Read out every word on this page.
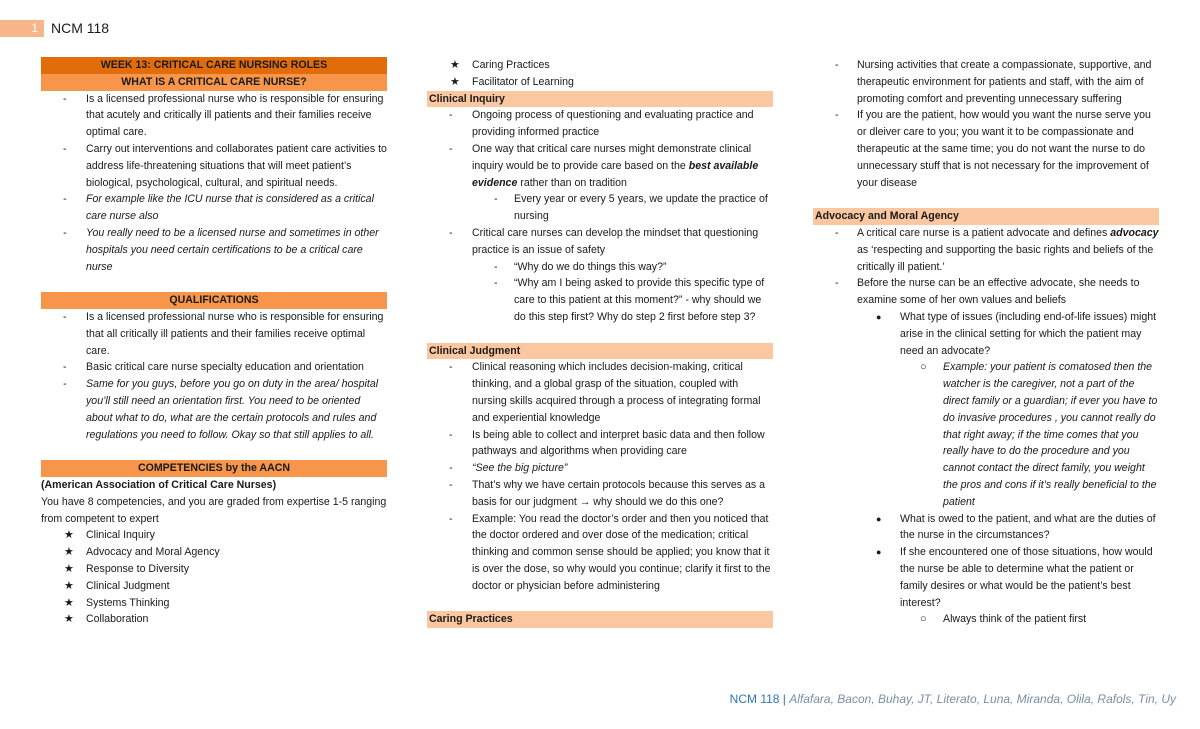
1 NCM 118
WEEK 13: CRITICAL CARE NURSING ROLES
WHAT IS A CRITICAL CARE NURSE?
- Is a licensed professional nurse who is responsible for ensuring that acutely and critically ill patients and their families receive optimal care.
- Carry out interventions and collaborates patient care activities to address life-threatening situations that will meet patient’s biological, psychological, cultural, and spiritual needs.
- For example like the ICU nurse that is considered as a critical care nurse also
- You really need to be a licensed nurse and sometimes in other hospitals you need certain certifications to be a critical care nurse
QUALIFICATIONS
- Is a licensed professional nurse who is responsible for ensuring that all critically ill patients and their families receive optimal care.
- Basic critical care nurse specialty education and orientation
- Same for you guys, before you go on duty in the area/ hospital you’ll still need an orientation first. You need to be oriented about what to do, what are the certain protocols and rules and regulations you need to follow. Okay so that still applies to all.
COMPETENCIES by the AACN
(American Association of Critical Care Nurses)
You have 8 competencies, and you are graded from expertise 1-5 ranging from competent to expert
★ Clinical Inquiry
★ Advocacy and Moral Agency
★ Response to Diversity
★ Clinical Judgment
★ Systems Thinking
★ Collaboration
★ Caring Practices
★ Facilitator of Learning
Clinical Inquiry
- Ongoing process of questioning and evaluating practice and providing informed practice
- One way that critical care nurses might demonstrate clinical inquiry would be to provide care based on the best available evidence rather than on tradition
- Every year or every 5 years, we update the practice of nursing
- Critical care nurses can develop the mindset that questioning practice is an issue of safety
- “Why do we do things this way?”
- “Why am I being asked to provide this specific type of care to this patient at this moment?” - why should we do this step first? Why do step 2 first before step 3?
Clinical Judgment
- Clinical reasoning which includes decision-making, critical thinking, and a global grasp of the situation, coupled with nursing skills acquired through a process of integrating formal and experiential knowledge
- Is being able to collect and interpret basic data and then follow pathways and algorithms when providing care
- “See the big picture”
- That’s why we have certain protocols because this serves as a basis for our judgment → why should we do this one?
- Example: You read the doctor’s order and then you noticed that the doctor ordered and over dose of the medication; critical thinking and common sense should be applied; you know that it is over the dose, so why would you continue; clarify it first to the doctor or physician before administering
Caring Practices
- Nursing activities that create a compassionate, supportive, and therapeutic environment for patients and staff, with the aim of promoting comfort and preventing unnecessary suffering
- If you are the patient, how would you want the nurse serve you or dleiver care to you; you want it to be compassionate and therapeutic at the same time; you do not want the nurse to do unnecessary stuff that is not necessary for the improvement of your disease
Advocacy and Moral Agency
- A critical care nurse is a patient advocate and defines advocacy as ‘respecting and supporting the basic rights and beliefs of the critically ill patient.’
- Before the nurse can be an effective advocate, she needs to examine some of her own values and beliefs
● What type of issues (including end-of-life issues) might arise in the clinical setting for which the patient may need an advocate?
○ Example: your patient is comatosed then the watcher is the caregiver, not a part of the direct family or a guardian; if ever you have to do invasive procedures , you cannot really do that right away; if the time comes that you really have to do the procedure and you cannot contact the direct family, you weight the pros and cons if it’s really beneficial to the patient
● What is owed to the patient, and what are the duties of the nurse in the circumstances?
● If she encountered one of those situations, how would the nurse be able to determine what the patient or family desires or what would be the patient’s best interest?
○ Always think of the patient first
NCM 118 | Alfafara, Bacon, Buhay, JT, Literato, Luna, Miranda, Olila, Rafols, Tin, Uy
